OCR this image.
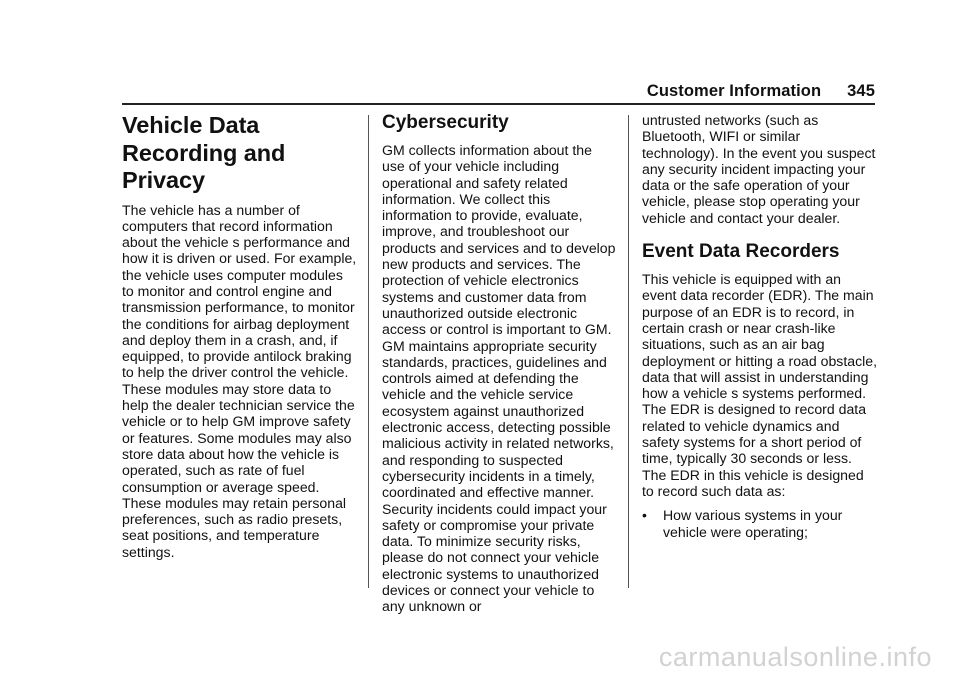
Customer Information 345
Vehicle Data Recording and Privacy

The vehicle has a number of computers that record information about the vehicle s performance and how it is driven or used. For example, the vehicle uses computer modules to monitor and control engine and transmission performance, to monitor the conditions for airbag deployment and deploy them in a crash, and, if equipped, to provide antilock braking to help the driver control the vehicle. These modules may store data to help the dealer technician service the vehicle or to help GM improve safety or features. Some modules may also store data about how the vehicle is operated, such as rate of fuel consumption or average speed. These modules may retain personal preferences, such as radio presets, seat positions, and temperature settings.

Cybersecurity

GM collects information about the use of your vehicle including operational and safety related information. We collect this information to provide, evaluate, improve, and troubleshoot our products and services and to develop new products and services. The protection of vehicle electronics systems and customer data from unauthorized outside electronic access or control is important to GM. GM maintains appropriate security standards, practices, guidelines and controls aimed at defending the vehicle and the vehicle service ecosystem against unauthorized electronic access, detecting possible malicious activity in related networks, and responding to suspected cybersecurity incidents in a timely, coordinated and effective manner. Security incidents could impact your safety or compromise your private data. To minimize security risks, please do not connect your vehicle electronic systems to unauthorized devices or connect your vehicle to any unknown or

untrusted networks (such as Bluetooth, WIFI or similar technology). In the event you suspect any security incident impacting your data or the safe operation of your vehicle, please stop operating your vehicle and contact your dealer.

Event Data Recorders

This vehicle is equipped with an event data recorder (EDR). The main purpose of an EDR is to record, in certain crash or near crash-like situations, such as an air bag deployment or hitting a road obstacle, data that will assist in understanding how a vehicle s systems performed. The EDR is designed to record data related to vehicle dynamics and safety systems for a short period of time, typically 30 seconds or less. The EDR in this vehicle is designed to record such data as:

•	How various systems in your vehicle were operating;
carmanualsonline.info
